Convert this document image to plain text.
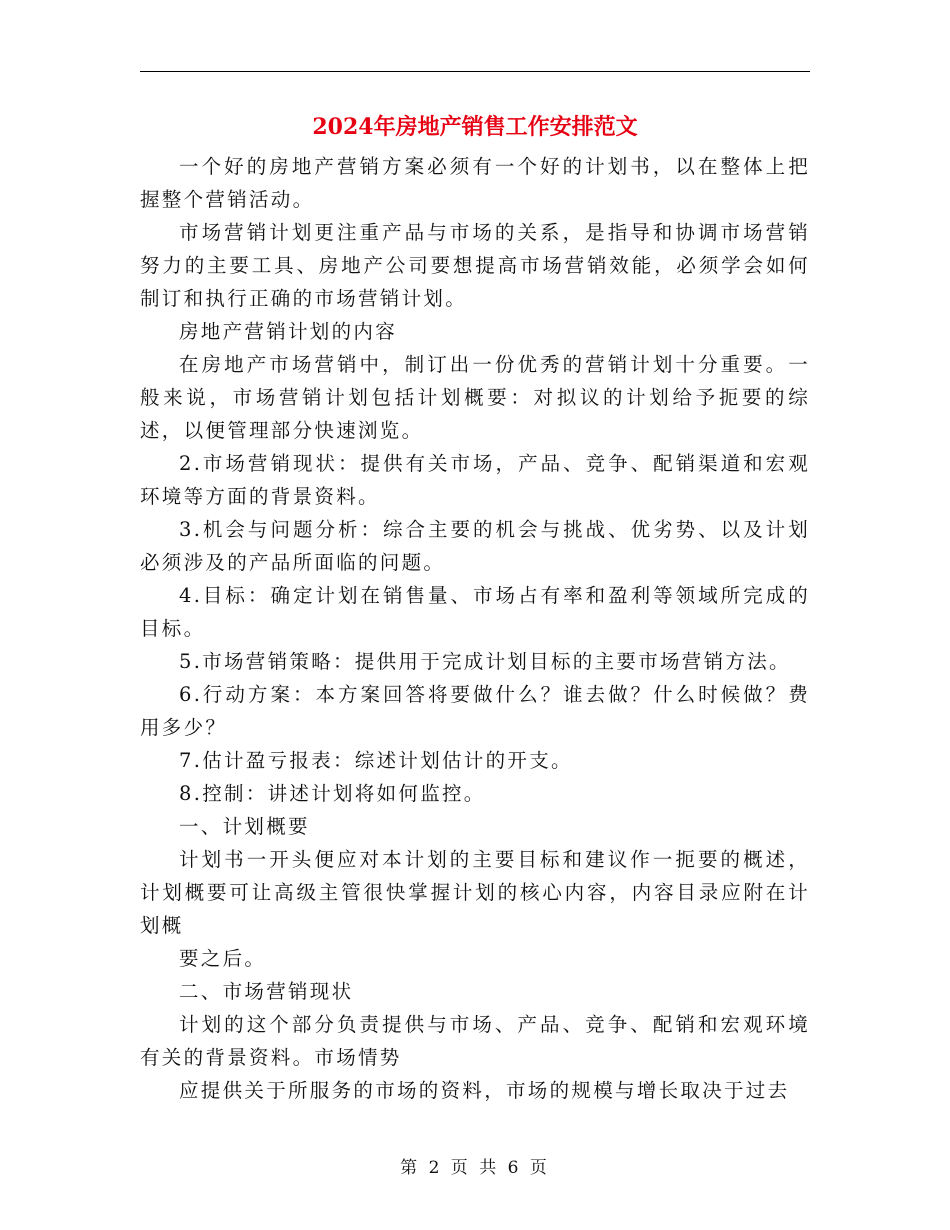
2024年房地产销售工作安排范文

一个好的房地产营销方案必须有一个好的计划书，以在整体上把握整个营销活动。

市场营销计划更注重产品与市场的关系，是指导和协调市场营销努力的主要工具、房地产公司要想提高市场营销效能，必须学会如何制订和执行正确的市场营销计划。

房地产营销计划的内容

在房地产市场营销中，制订出一份优秀的营销计划十分重要。一般来说，市场营销计划包括计划概要：对拟议的计划给予扼要的综述，以便管理部分快速浏览。

2.市场营销现状：提供有关市场，产品、竞争、配销渠道和宏观环境等方面的背景资料。

3.机会与问题分析：综合主要的机会与挑战、优劣势、以及计划必须涉及的产品所面临的问题。

4.目标：确定计划在销售量、市场占有率和盈利等领域所完成的目标。

5.市场营销策略：提供用于完成计划目标的主要市场营销方法。

6.行动方案：本方案回答将要做什么？谁去做？什么时候做？费用多少？

7.估计盈亏报表：综述计划估计的开支。

8.控制：讲述计划将如何监控。

一、计划概要

计划书一开头便应对本计划的主要目标和建议作一扼要的概述，计划概要可让高级主管很快掌握计划的核心内容，内容目录应附在计划概

要之后。

二、市场营销现状

计划的这个部分负责提供与市场、产品、竞争、配销和宏观环境有关的背景资料。市场情势

应提供关于所服务的市场的资料，市场的规模与增长取决于过去

第 2 页 共 6 页
